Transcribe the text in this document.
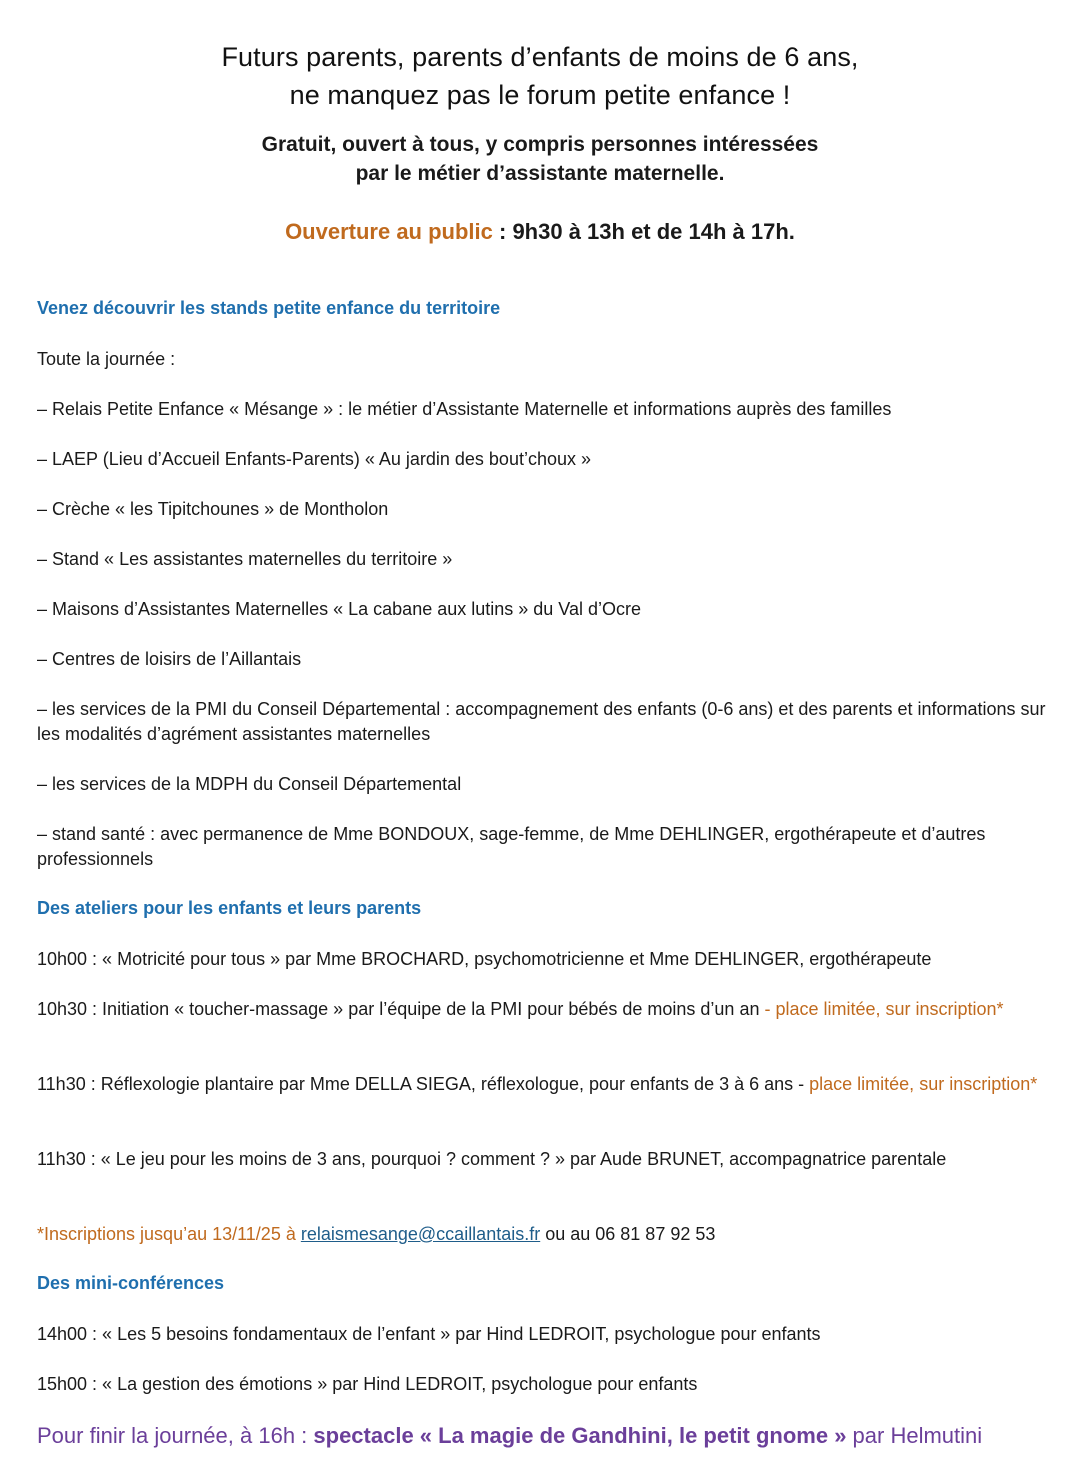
Futurs parents, parents d’enfants de moins de 6 ans,
ne manquez pas le forum petite enfance !
Gratuit, ouvert à tous, y compris personnes intéressées
par le métier d’assistante maternelle.
Ouverture au public : 9h30 à 13h et de 14h à 17h.
Venez découvrir les stands petite enfance du territoire
Toute la journée :
– Relais Petite Enfance « Mésange » : le métier d’Assistante Maternelle et informations auprès des familles
– LAEP (Lieu d’Accueil Enfants-Parents) « Au jardin des bout’choux »
– Crèche « les Tipitchounes » de Montholon
– Stand « Les assistantes maternelles du territoire »
– Maisons d’Assistantes Maternelles « La cabane aux lutins » du Val d’Ocre
– Centres de loisirs de l’Aillantais
– les services de la PMI du Conseil Départemental : accompagnement des enfants (0-6 ans) et des parents et informations sur les modalités d’agrément assistantes maternelles
– les services de la MDPH du Conseil Départemental
– stand santé : avec permanence de Mme BONDOUX, sage-femme, de Mme DEHLINGER, ergothérapeute et d’autres professionnels
Des ateliers pour les enfants et leurs parents
10h00 : « Motricité pour tous » par Mme BROCHARD, psychomotricienne et Mme DEHLINGER, ergothérapeute
10h30 : Initiation « toucher-massage » par l’équipe de la PMI pour bébés de moins d’un an - place limitée, sur inscription*
11h30 : Réflexologie plantaire par Mme DELLA SIEGA, réflexologue, pour enfants de 3 à 6 ans - place limitée, sur inscription*
11h30 : « Le jeu pour les moins de 3 ans, pourquoi ? comment ? » par Aude BRUNET, accompagnatrice parentale
*Inscriptions jusqu’au 13/11/25 à relaismesange@ccaillantais.fr ou au 06 81 87 92 53
Des mini-conférences
14h00 : « Les 5 besoins fondamentaux de l’enfant » par Hind LEDROIT, psychologue pour enfants
15h00 : « La gestion des émotions » par Hind LEDROIT, psychologue pour enfants
Pour finir la journée, à 16h : spectacle « La magie de Gandhini, le petit gnome » par Helmutini
